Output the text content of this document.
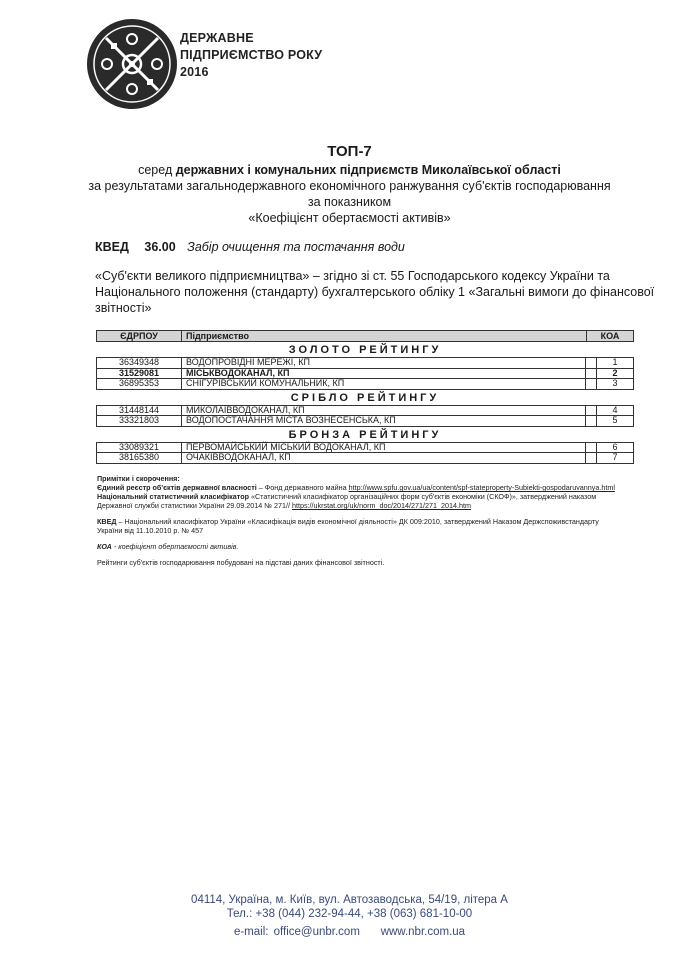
ДЕРЖАВНЕ
ПІДПРИЄМСТВО РОКУ
2016
ТОП-7
серед державних і комунальних підприємств Миколаївської області
за результатами загальнодержавного економічного ранжування суб'єктів господарювання
за показником
«Коефіцієнт обертаємості активів»
КВЕД 36.00 Забір очищення та постачання води
«Суб'єкти великого підприємництва» – згідно зі ст. 55 Господарського кодексу України та
Національного положення (стандарту) бухгалтерського обліку 1 «Загальні вимоги до фінансової
звітності»
ЄДРПОУ	Підприємство	КОА
ЗОЛОТО РЕЙТИНГУ
36349348	ВОДОПРОВІДНІ МЕРЕЖІ, КП	1
31529081	МІСЬКВОДОКАНАЛ, КП	2
36895353	СНІГУРІВСЬКИЙ КОМУНАЛЬНИК, КП	3
СРІБЛО РЕЙТИНГУ
31448144	МИКОЛАЇВВОДОКАНАЛ, КП	4
33321803	ВОДОПОСТАЧАННЯ МІСТА ВОЗНЕСЕНСЬКА, КП	5
БРОНЗА РЕЙТИНГУ
33089321	ПЕРВОМАЙСЬКИЙ МІСЬКИЙ ВОДОКАНАЛ, КП	6
38165380	ОЧАКІВВОДОКАНАЛ, КП	7
Примітки і скорочення:
Єдиний реєстр об'єктів державної власності – Фонд державного майна http://www.spfu.gov.ua/ua/content/spf-stateproperty-Subiekti-gospodaruvannya.html
Національний статистичний класифікатор «Статистичний класифікатор організаційних форм суб'єктів економіки (СКОФ)», затверджений наказом
Державної служби статистики України 29.09.2014 № 271// https://ukrstat.org/uk/norm_doc/2014/271/271_2014.htm
КВЕД – Національний класифікатор України «Класифікація видів економічної діяльності» ДК 009:2010, затверджений Наказом Держспоживстандарту
України від 11.10.2010 р. № 457
КОА - коефіцієнт обертаємості активів.
Рейтинги суб'єктів господарювання побудовані на підставі даних фінансової звітності.
04114, Україна, м. Київ, вул. Автозаводська, 54/19, літера А
Тел.: +38 (044) 232-94-44, +38 (063) 681-10-00
e-mail: office@unbr.com www.nbr.com.ua
